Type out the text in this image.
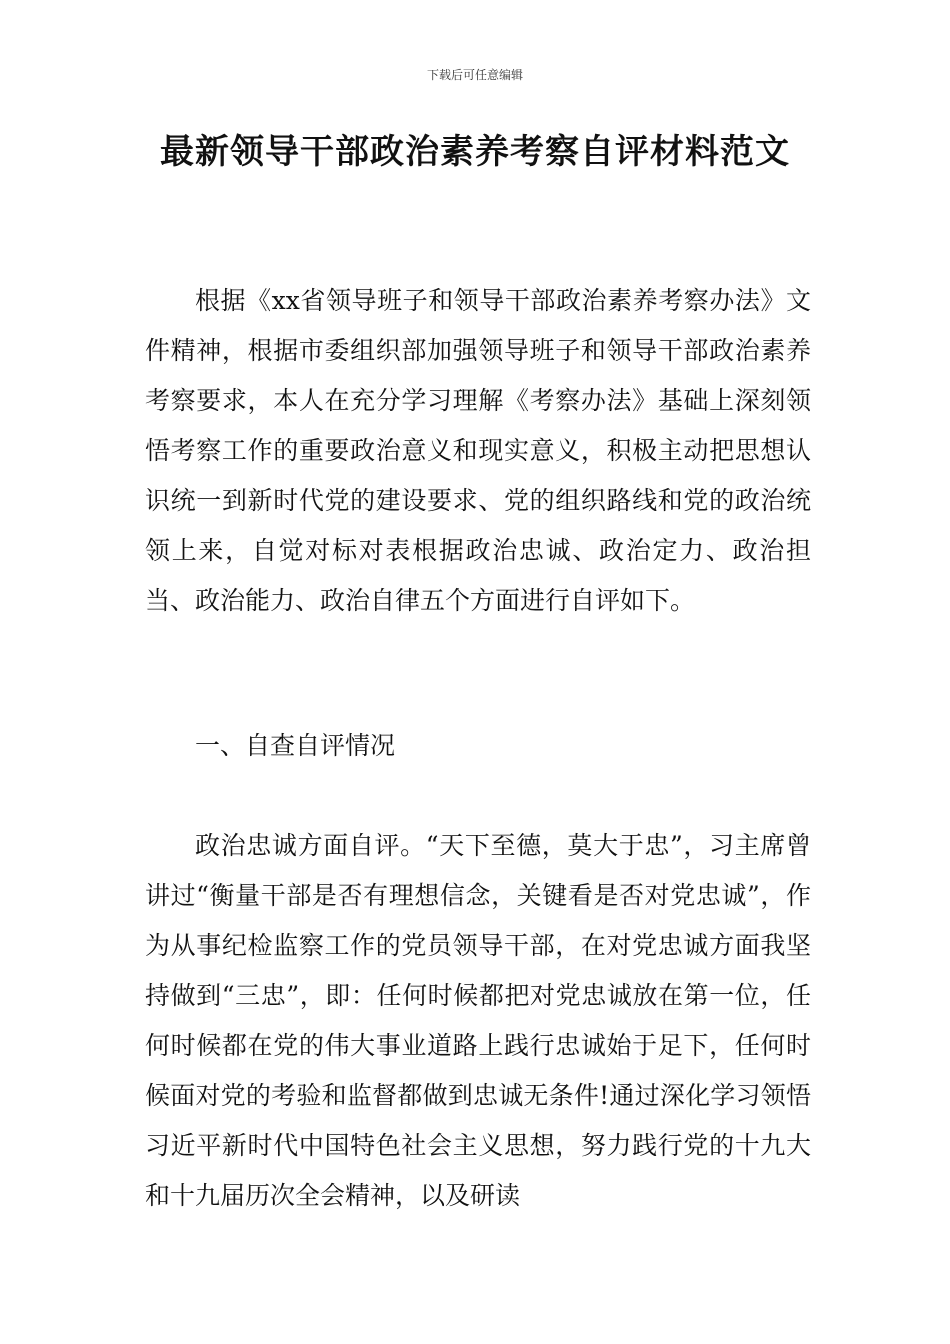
下载后可任意编辑
最新领导干部政治素养考察自评材料范文

根据《xx省领导班子和领导干部政治素养考察办法》文件精神，根据市委组织部加强领导班子和领导干部政治素养考察要求，本人在充分学习理解《考察办法》基础上深刻领悟考察工作的重要政治意义和现实意义，积极主动把思想认识统一到新时代党的建设要求、党的组织路线和党的政治统领上来，自觉对标对表根据政治忠诚、政治定力、政治担当、政治能力、政治自律五个方面进行自评如下。

一、自查自评情况

政治忠诚方面自评。“天下至德，莫大于忠”，习主席曾讲过“衡量干部是否有理想信念，关键看是否对党忠诚”，作为从事纪检监察工作的党员领导干部，在对党忠诚方面我坚持做到“三忠”，即：任何时候都把对党忠诚放在第一位，任何时候都在党的伟大事业道路上践行忠诚始于足下，任何时候面对党的考验和监督都做到忠诚无条件!通过深化学习领悟习近平新时代中国特色社会主义思想，努力践行党的十九大和十九届历次全会精神，以及研读
